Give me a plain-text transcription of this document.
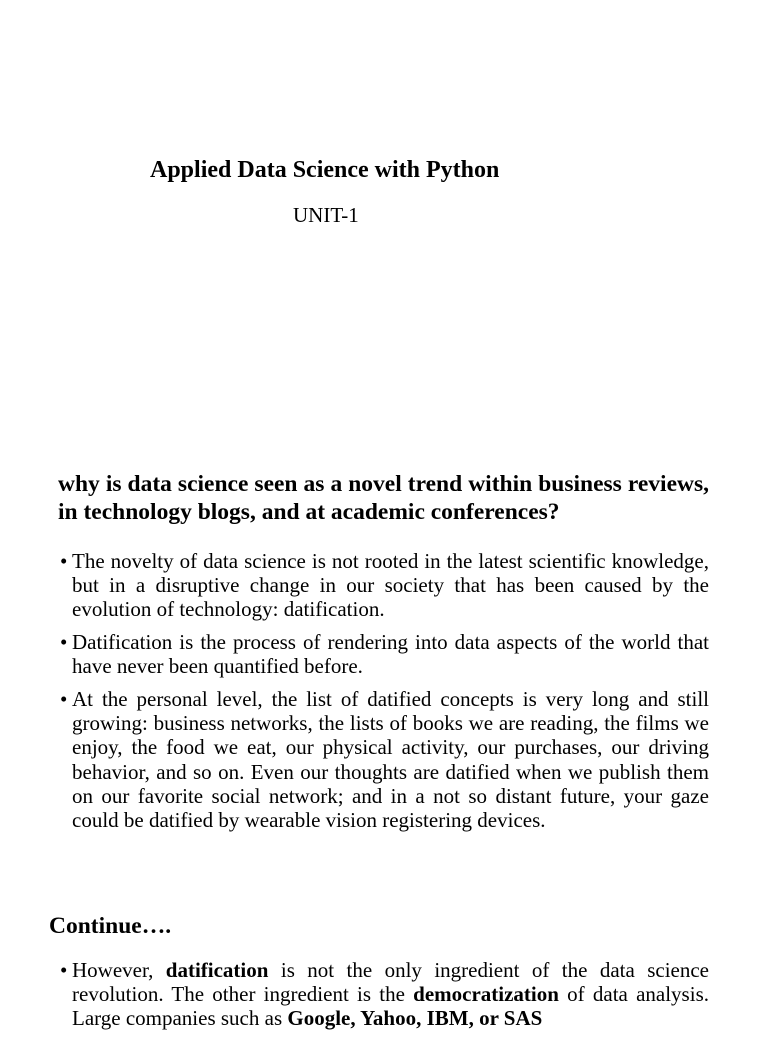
Applied Data Science with Python
UNIT-1
why is data science seen as a novel trend within business reviews, in technology blogs, and at academic conferences?
• The novelty of data science is not rooted in the latest scientific knowledge, but in a disruptive change in our society that has been caused by the evolution of technology: datification.
• Datification is the process of rendering into data aspects of the world that have never been quantified before.
• At the personal level, the list of datified concepts is very long and still growing: business networks, the lists of books we are reading, the films we enjoy, the food we eat, our physical activity, our purchases, our driving behavior, and so on. Even our thoughts are datified when we publish them on our favorite social network; and in a not so distant future, your gaze could be datified by wearable vision registering devices.
Continue….
• However, datification is not the only ingredient of the data science revolution. The other ingredient is the democratization of data analysis. Large companies such as Google, Yahoo, IBM, or SAS
